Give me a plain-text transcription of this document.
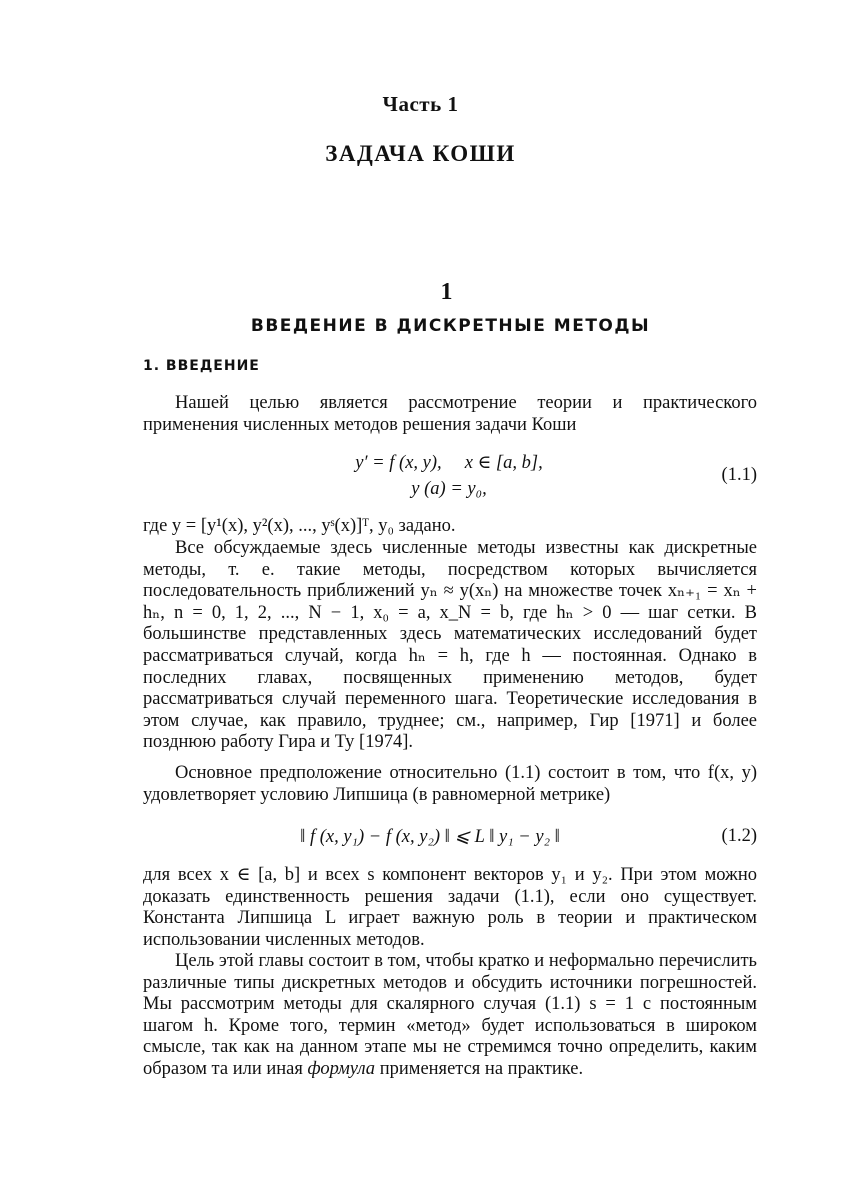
Часть 1
ЗАДАЧА КОШИ
1
ВВЕДЕНИЕ В ДИСКРЕТНЫЕ МЕТОДЫ
1. ВВЕДЕНИЕ

Нашей целью является рассмотрение теории и практического применения численных методов решения задачи Коши

y′ = f (x, y),     x ∈ [a, b],
y (a) = y₀,
(1.1)

где y = [y¹(x), y²(x), ..., yˢ(x)]ᵀ, y₀ задано.

Все обсуждаемые здесь численные методы известны как дискретные методы, т. е. такие методы, посредством которых вычисляется последовательность приближений yₙ ≈ y(xₙ) на множестве точек xₙ₊₁ = xₙ + hₙ, n = 0, 1, 2, ..., N − 1, x₀ = a, x_N = b, где hₙ > 0 — шаг сетки. В большинстве представленных здесь математических исследований будет рассматриваться случай, когда hₙ = h, где h — постоянная. Однако в последних главах, посвященных применению методов, будет рассматриваться случай переменного шага. Теоретические исследования в этом случае, как правило, труднее; см., например, Гир [1971] и более позднюю работу Гира и Ту [1974].

Основное предположение относительно (1.1) состоит в том, что f(x, y) удовлетворяет условию Липшица (в равномерной метрике)

‖ f (x, y₁) − f (x, y₂) ‖ ⩽ L ‖ y₁ − y₂ ‖	(1.2)

для всех x ∈ [a, b] и всех s компонент векторов y₁ и y₂. При этом можно доказать единственность решения задачи (1.1), если оно существует. Константа Липшица L играет важную роль в теории и практическом использовании численных методов.

Цель этой главы состоит в том, чтобы кратко и неформально перечислить различные типы дискретных методов и обсудить источники погрешностей. Мы рассмотрим методы для скалярного случая (1.1) s = 1 с постоянным шагом h. Кроме того, термин «метод» будет использоваться в широком смысле, так как на данном этапе мы не стремимся точно определить, каким образом та или иная формула применяется на практике.
